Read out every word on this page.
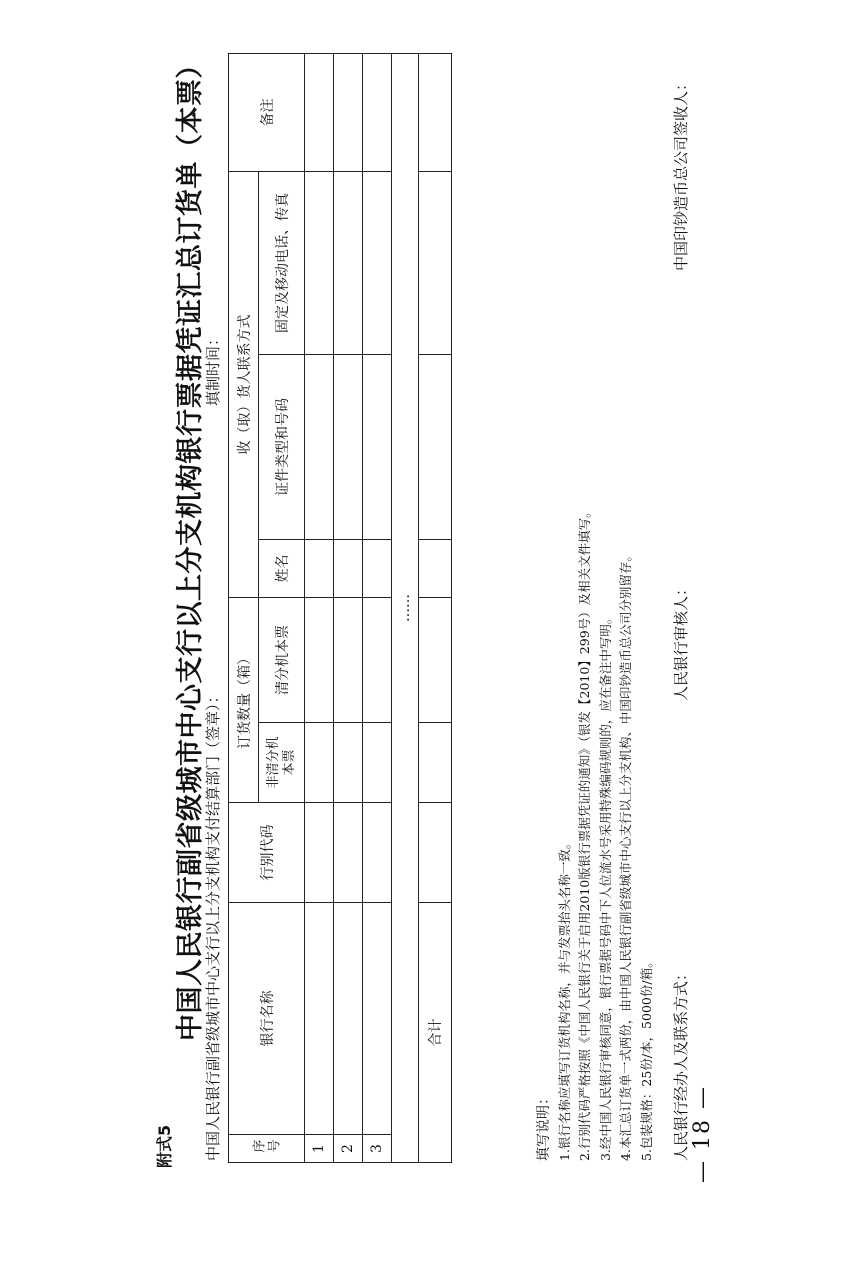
— 18 —
附式5
中国人民银行副省级城市中心支行以上分支机构银行票据凭证汇总订货单（本票）
中国人民银行副省级城市中心支行以上分支机构支付结算部门（签章）：
填制时间：
序号	银行名称	行别代码	订货数量（箱）		收（取）货人联系方式			备注

			非清分机本票	清分机本票	姓名	证件类型和号码	固定及移动电话、传真	
1								
2								
3								
……								
合计								
填写说明： 1.银行名称应填写订货机构名称，并与发票抬头名称一致。 2.行别代码严格按照《中国人民银行关于启用2010版银行票据凭证的通知》（银发【2010】299号）及相关文件填写。 3.经中国人民银行审核同意，银行票据号码中下人位流水号采用特殊编码规则的，应在备注中写明。 4.本汇总订货单一式两份，由中国人民银行副省级城市中心支行以上分支机构、中国印钞造币总公司分别留存。 5.包装规格：25份/本，5000份/箱。 人民银行经办人及联系方式：
人民银行审核人：
中国印钞造币总公司签收人：
